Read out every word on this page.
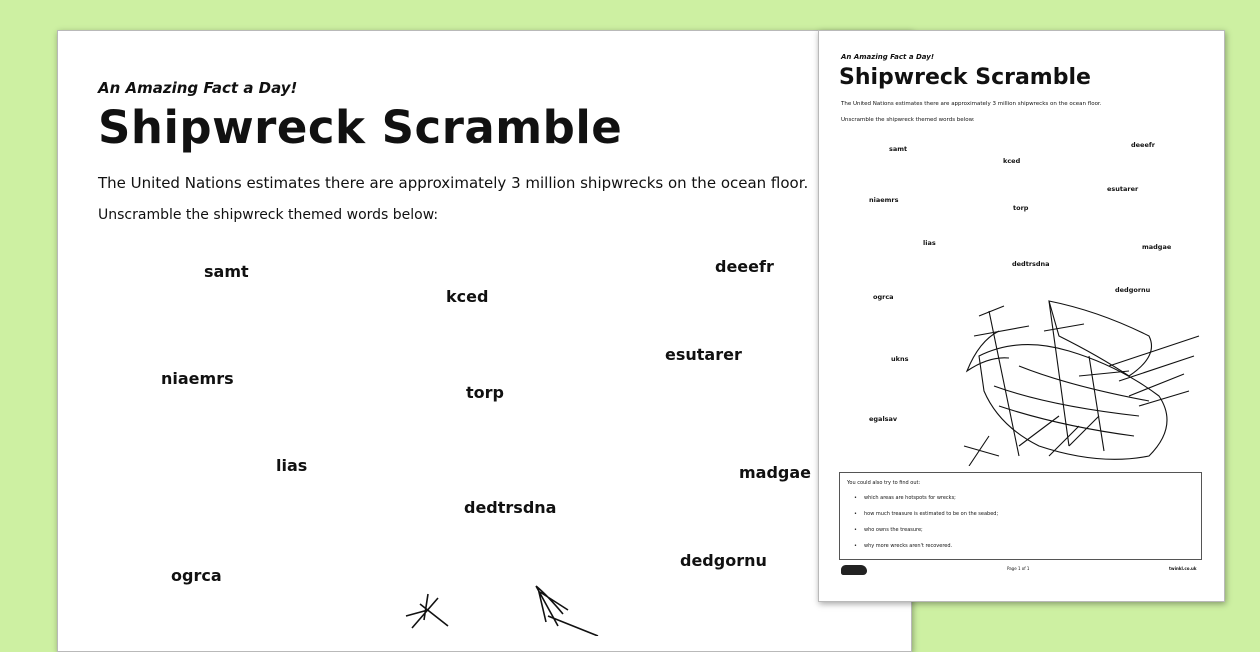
An Amazing Fact a Day!
Shipwreck Scramble
The United Nations estimates there are approximately 3 million shipwrecks on the ocean floor.
Unscramble the shipwreck themed words below:
samt
kced
deeefr
esutarer
niaemrs
torp
lias	madgae
dedtrsdna
dedgornu
ogrca
An Amazing Fact a Day!
Shipwreck Scramble
The United Nations estimates there are approximately 3 million shipwrecks on the ocean floor.
Unscramble the shipwreck themed words below:
samt
kced
deeefr
esutarer
niaemrs
torp
lias	madgae
dedtrsdna
dedgornu
ogrca
ukns
egalsav
You could also try to find out:
• which areas are hotspots for wrecks;
• how much treasure is estimated to be on the seabed;
• who owns the treasure;
• why more wrecks aren't recovered.
Page 1 of 1	twinkl.co.uk
